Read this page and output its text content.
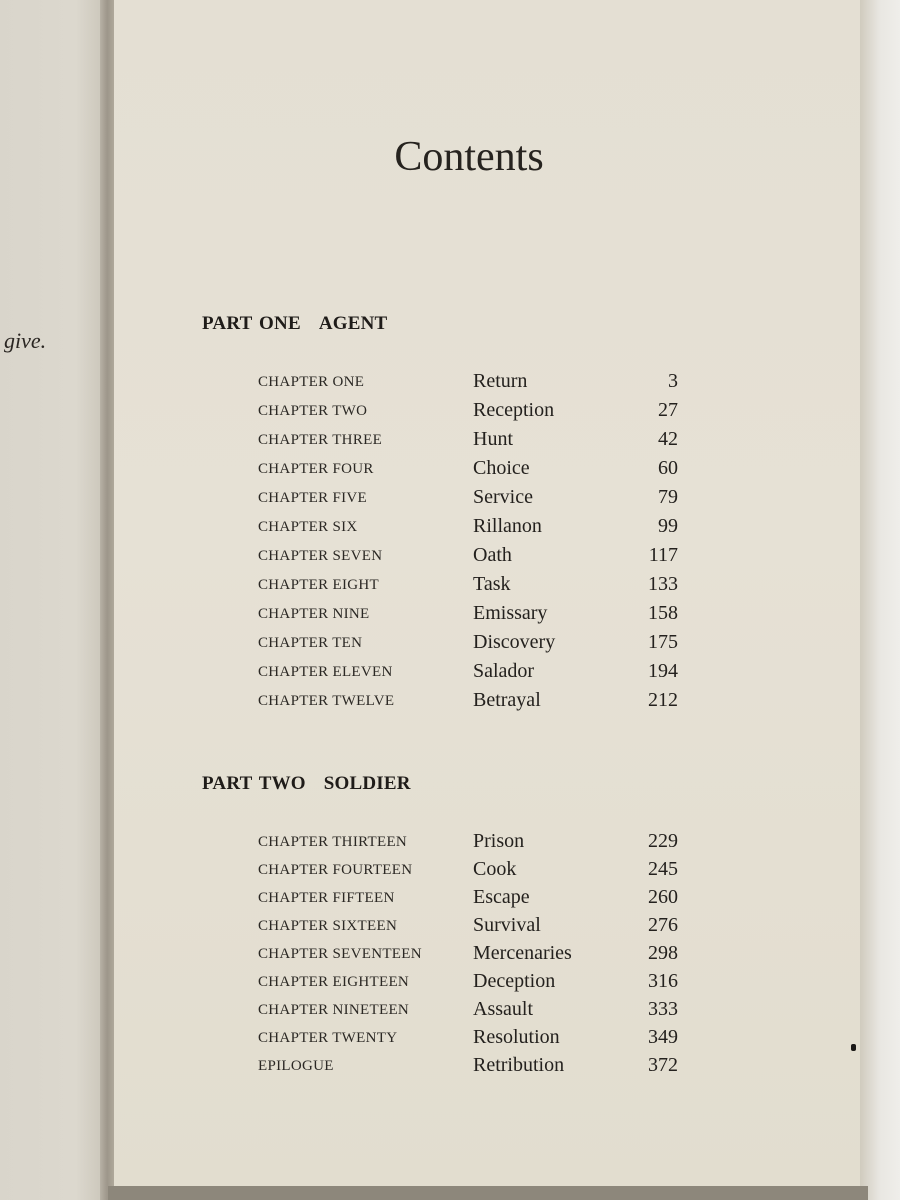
give.
Contents
PART ONE AGENT
PART TWO SOLDIER
CHAPTER ONE	Return	3
CHAPTER TWO	Reception	27
CHAPTER THREE	Hunt	42
CHAPTER FOUR	Choice	60
CHAPTER FIVE	Service	79
CHAPTER SIX	Rillanon	99
CHAPTER SEVEN	Oath	117
CHAPTER EIGHT	Task	133
CHAPTER NINE	Emissary	158
CHAPTER TEN	Discovery	175
CHAPTER ELEVEN	Salador	194
CHAPTER TWELVE	Betrayal	212
CHAPTER THIRTEEN	Prison	229
CHAPTER FOURTEEN	Cook	245
CHAPTER FIFTEEN	Escape	260
CHAPTER SIXTEEN	Survival	276
CHAPTER SEVENTEEN	Mercenaries	298
CHAPTER EIGHTEEN	Deception	316
CHAPTER NINETEEN	Assault	333
CHAPTER TWENTY	Resolution	349
EPILOGUE	Retribution	372
